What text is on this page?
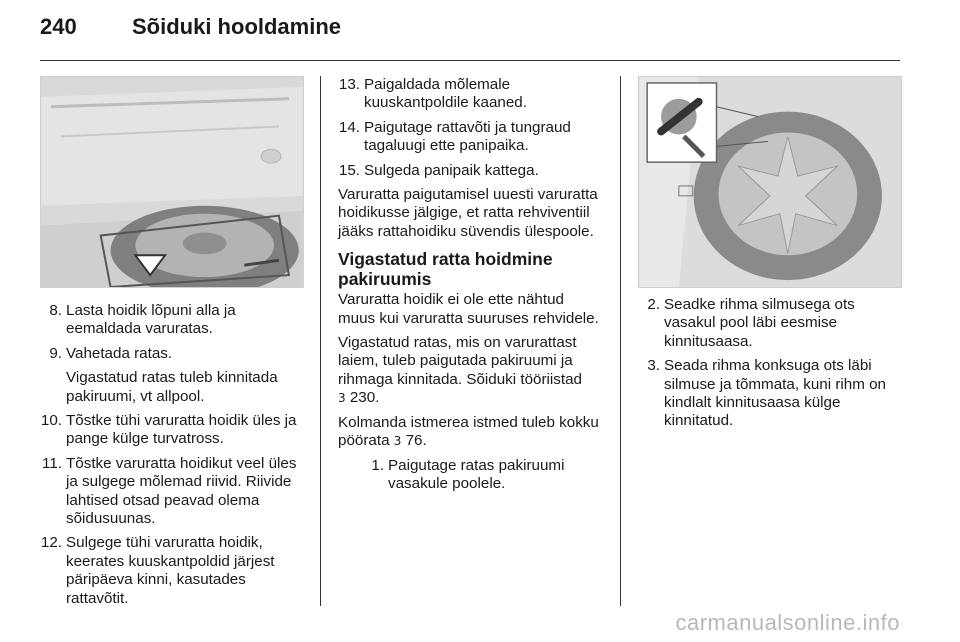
240	Sõiduki hooldamine
8. Lasta hoidik lõpuni alla ja eemaldada varuratas.
9. Vahetada ratas.
Vigastatud ratas tuleb kinnitada pakiruumi, vt allpool.
10. Tõstke tühi varuratta hoidik üles ja pange külge turvatross.
11. Tõstke varuratta hoidikut veel üles ja sulgege mõlemad riivid. Riivide lahtised otsad peavad olema sõidusuunas.
12. Sulgege tühi varuratta hoidik, keerates kuuskantpoldid järjest päripäeva kinni, kasutades rattavõtit.
13. Paigaldada mõlemale kuuskantpoldile kaaned.
14. Paigutage rattavõti ja tungraud tagaluugi ette panipaika.
15. Sulgeda panipaik kattega.

Varuratta paigutamisel uuesti varuratta hoidikusse jälgige, et ratta rehviventiil jääks rattahoidiku süvendis ülespoole.

Vigastatud ratta hoidmine pakiruumis

Varuratta hoidik ei ole ette nähtud muus kui varuratta suuruses rehvidele.

Vigastatud ratas, mis on varurattast laiem, tuleb paigutada pakiruumi ja rihmaga kinnitada. Sõiduki tööriistad
3 230.

Kolmanda istmerea istmed tuleb kokku pöörata 3 76.

1. Paigutage ratas pakiruumi vasakule poolele.
2. Seadke rihma silmusega ots vasakul pool läbi eesmise kinnitusaasa.
3. Seada rihma konksuga ots läbi silmuse ja tõmmata, kuni rihm on kindlalt kinnitusaasa külge kinnitatud.
carmanualsonline.info
